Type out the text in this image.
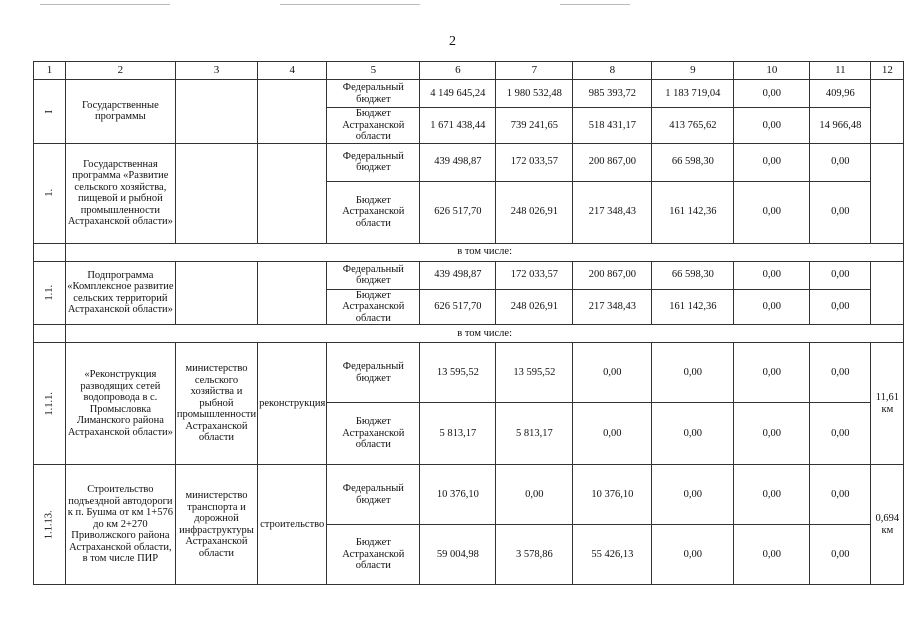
2
1	2	3	4	5	6	7	8	9	10	11	12
I	Государственные программы			Федеральный бюджет	4 149 645,24	1 980 532,48	985 393,72	1 183 719,04	0,00	409,96	
				Бюджет Астраханской области	1 671 438,44	739 241,65	518 431,17	413 765,62	0,00	14 966,48	
1.	Государственная программа «Развитие сельского хозяйства, пищевой и рыбной промышленности Астраханской области»			Федеральный бюджет	439 498,87	172 033,57	200 867,00	66 598,30	0,00	0,00	
				Бюджет Астраханской области	626 517,70	248 026,91	217 348,43	161 142,36	0,00	0,00	
	в том числе:										
1.1.	Подпрограмма «Комплексное развитие сельских территорий Астраханской области»			Федеральный бюджет	439 498,87	172 033,57	200 867,00	66 598,30	0,00	0,00	
				Бюджет Астраханской области	626 517,70	248 026,91	217 348,43	161 142,36	0,00	0,00	
	в том числе:										
1.1.1.	«Реконструкция разводящих сетей водопровода в с. Промысловка Лиманского района Астраханской области»	министерство сельского хозяйства и рыбной промышленности Астраханской области	реконструкция	Федеральный бюджет	13 595,52	13 595,52	0,00	0,00	0,00	0,00	11,61 км
				Бюджет Астраханской области	5 813,17	5 813,17	0,00	0,00	0,00	0,00	
1.1.13.	Строительство подъездной автодороги к п. Бушма от км 1+576 до км 2+270 Приволжского района Астраханской области, в том числе ПИР	министерство транспорта и дорожной инфраструктуры Астраханской области	строительство	Федеральный бюджет	10 376,10	0,00	10 376,10	0,00	0,00	0,00	0,694 км
				Бюджет Астраханской области	59 004,98	3 578,86	55 426,13	0,00	0,00	0,00	
